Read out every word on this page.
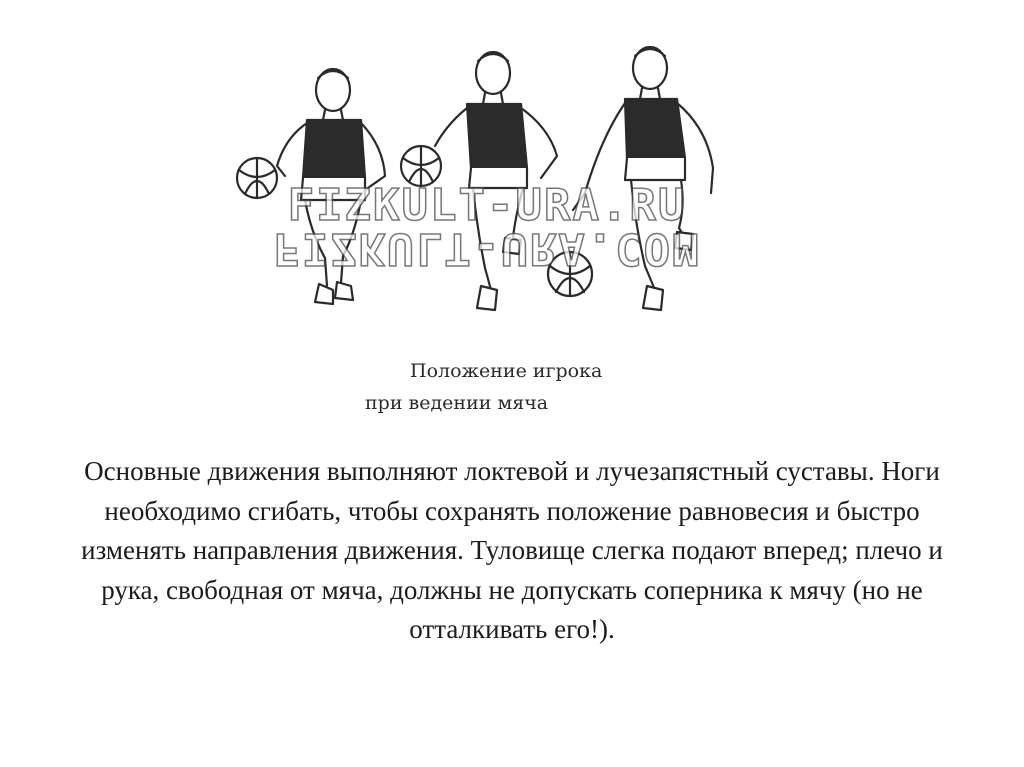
FIZKULT-URA.RU
FIZKULT-URA.COM
Положение игрока
при ведении мяча
Основные движения выполняют локтевой и лучезапястный суставы. Ноги необходимо сгибать, чтобы сохранять положение равновесия и быстро изменять направления движения. Туловище слегка подают вперед; плечо и рука, свободная от мяча, должны не допускать соперника к мячу (но не отталкивать его!).
